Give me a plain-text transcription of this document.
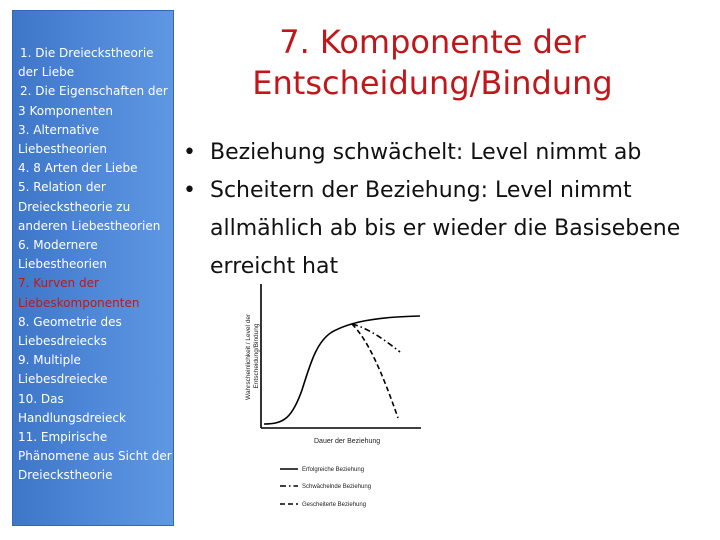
1. Die Dreieckstheorie der Liebe
2. Die Eigenschaften der 3 Komponenten
3. Alternative Liebestheorien
4. 8 Arten der Liebe
5. Relation der Dreieckstheorie zu anderen Liebestheorien
6. Modernere Liebestheorien
7. Kurven der Liebeskomponenten
8. Geometrie des Liebesdreiecks
9. Multiple Liebesdreiecke
10. Das Handlungsdreieck
11. Empirische Phänomene aus Sicht der Dreieckstheorie
7. Komponente der
Entscheidung/Bindung
• Beziehung schwächelt: Level nimmt ab
• Scheitern der Beziehung: Level nimmt allmählich ab bis er wieder die Basisebene erreicht hat
Wahrscheinlichkeit / Level der Entscheidung/Bindung
Dauer der Beziehung
Erfolgreiche Beziehung
Schwächelnde Beziehung
Gescheiterte Beziehung
